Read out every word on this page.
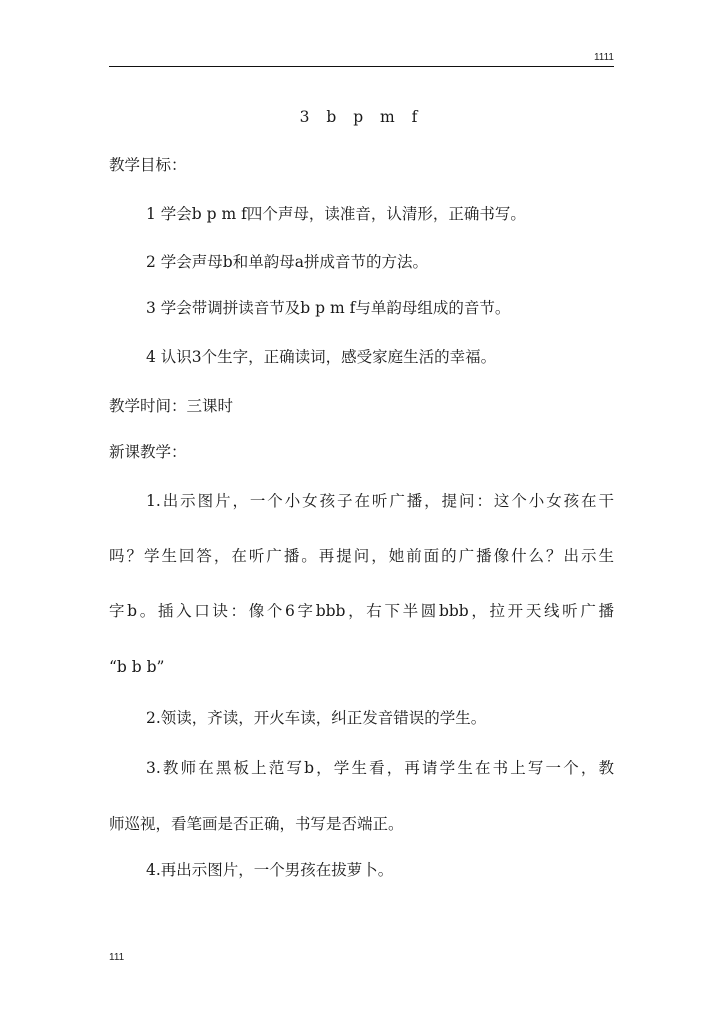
1111
3 b p m f
教学目标：
1 学会b p m f四个声母，读准音，认清形，正确书写。
2 学会声母b和单韵母a拼成音节的方法。
3 学会带调拼读音节及b p m f与单韵母组成的音节。
4 认识3个生字，正确读词，感受家庭生活的幸福。
教学时间：三课时
新课教学：
1.出示图片，一个小女孩子在听广播，提问：这个小女孩在干
吗？学生回答，在听广播。再提问，她前面的广播像什么？出示生
字b。插入口诀：像个6字bbb，右下半圆bbb，拉开天线听广播
“b b b”
2.领读，齐读，开火车读，纠正发音错误的学生。
3.教师在黑板上范写b，学生看，再请学生在书上写一个，教
师巡视，看笔画是否正确，书写是否端正。
4.再出示图片，一个男孩在拔萝卜。
111
